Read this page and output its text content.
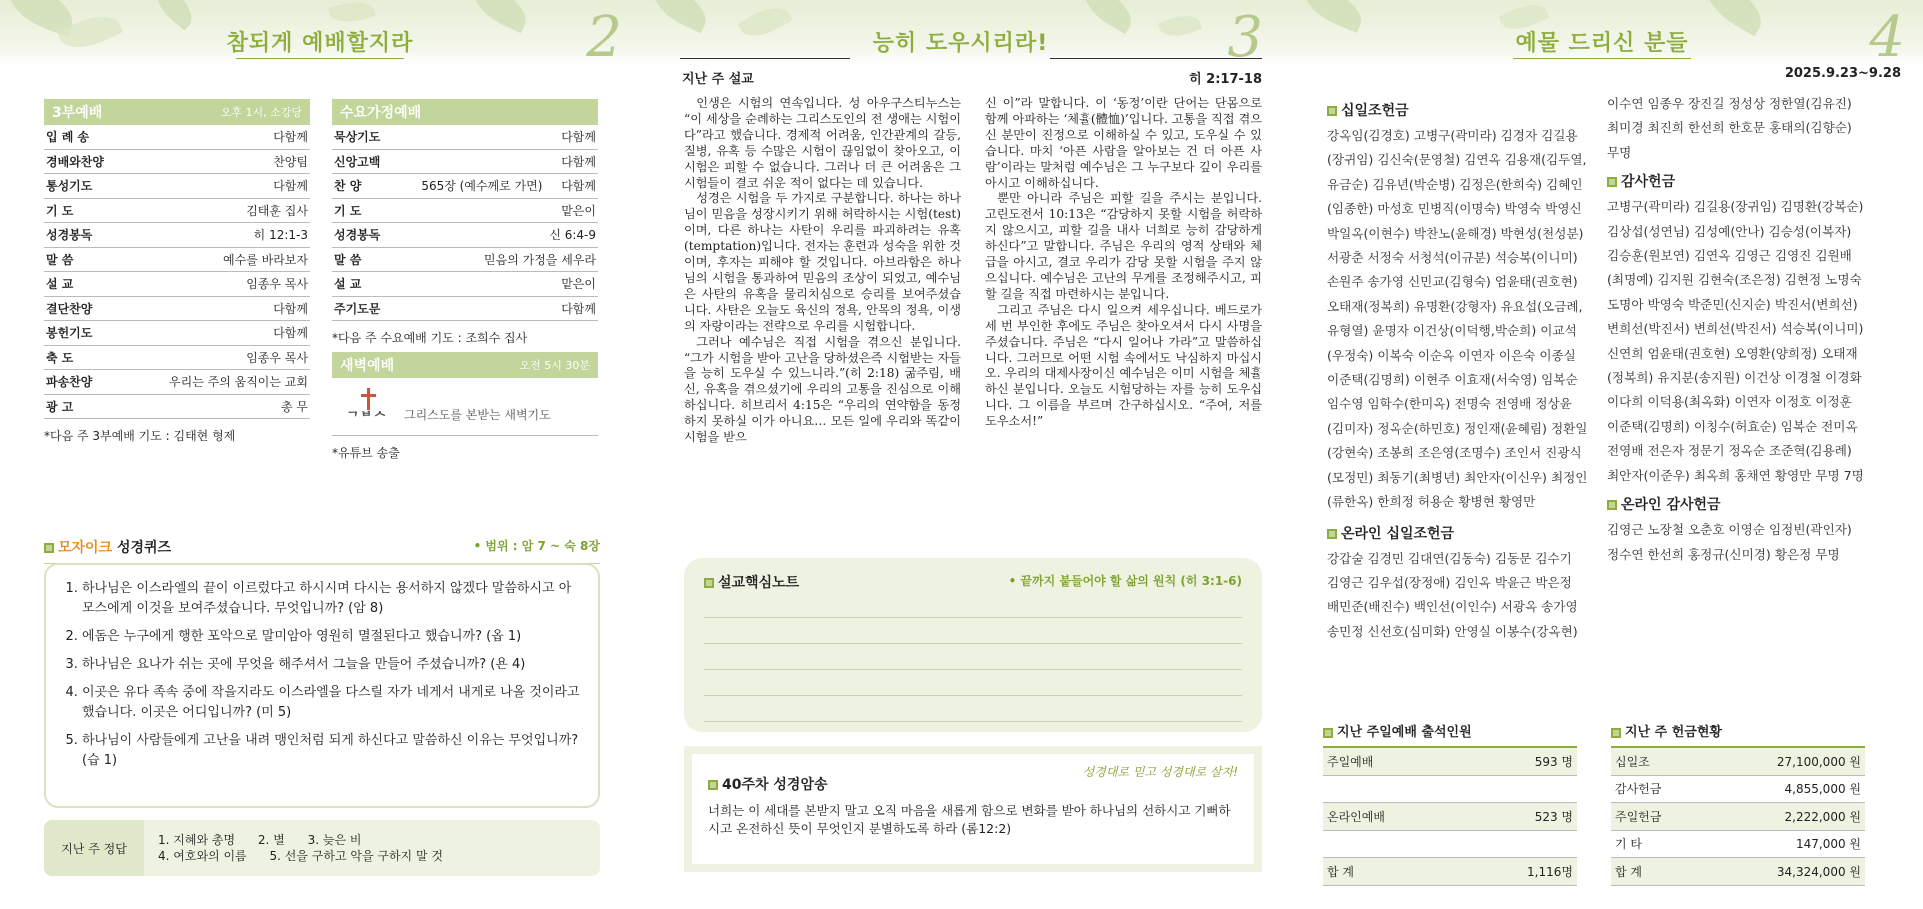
참되게 예배할지라	2
3부예배	오후 1시, 소강당
입 례 송	다함께
경배와찬양	찬양팀
통성기도	다함께
기 도	김태훈 집사
성경봉독	히 12:1-3
말 씀	예수를 바라보자
설 교	임종우 목사
결단찬양	다함께
봉헌기도	다함께
축 도	임종우 목사
파송찬양	우리는 주의 움직이는 교회
광 고	총 무
*다음 주 3부예배 기도 : 김태현 형제
수요가정예배
묵상기도	다함께
신앙고백	다함께
찬 양	565장 (예수께로 가면)	다함께
기 도	맡은이
성경봉독	신 6:4-9
말 씀	믿음의 가정을 세우라
설 교	맡은이
주기도문	다함께
*다음 주 수요예배 기도 : 조희수 집사
새벽예배	오전 5시 30분
ᄀᄇᄉ 그리스도를 본받는 새벽기도
*유튜브 송출
모자이크 성경퀴즈	• 범위 : 암 7 ~ 숙 8장
1. 하나님은 이스라엘의 끝이 이르렀다고 하시시며 다시는 용서하지 않겠다 말씀하시고 아모스에게 이것을 보여주셨습니다. 무엇입니까? (암 8)
2. 에돔은 누구에게 행한 포악으로 말미암아 영원히 멸절된다고 했습니까? (옵 1)
3. 하나님은 요나가 쉬는 곳에 무엇을 해주셔서 그늘을 만들어 주셨습니까? (욘 4)
4. 이곳은 유다 족속 중에 작을지라도 이스라엘을 다스릴 자가 네게서 내게로 나올 것이라고 했습니다. 이곳은 어디입니까? (미 5)
5. 하나님이 사람들에게 고난을 내려 맹인처럼 되게 하신다고 말씀하신 이유는 무엇입니까? (습 1)
지난 주 정답
1. 지혜와 총명      2. 별      3. 늦은 비
4. 여호와의 이름      5. 선을 구하고 악을 구하지 말 것
능히 도우시리라!	3
지난 주 설교	히 2:17-18

인생은 시험의 연속입니다. 성 아우구스티누스는 “이 세상을 순례하는 그리스도인의 전 생애는 시험이다”라고 했습니다. 경제적 어려움, 인간관계의 갈등, 질병, 유혹 등 수많은 시험이 끊임없이 찾아오고, 이 시험은 피할 수 없습니다. 그러나 더 큰 어려움은 그 시험들이 결코 쉬운 적이 없다는 데 있습니다.

성경은 시험을 두 가지로 구분합니다. 하나는 하나님이 믿음을 성장시키기 위해 허락하시는 시험(test)이며, 다른 하나는 사탄이 우리를 파괴하려는 유혹(temptation)입니다. 전자는 훈련과 성숙을 위한 것이며, 후자는 피해야 할 것입니다. 아브라함은 하나님의 시험을 통과하여 믿음의 조상이 되었고, 예수님은 사탄의 유혹을 물리치심으로 승리를 보여주셨습니다. 사탄은 오늘도 육신의 정욕, 안목의 정욕, 이생의 자랑이라는 전략으로 우리를 시험합니다.

그러나 예수님은 직접 시험을 겪으신 분입니다. “그가 시험을 받아 고난을 당하셨은즉 시험받는 자들을 능히 도우실 수 있느니라.”(히 2:18) 굶주림, 배신, 유혹을 겪으셨기에 우리의 고통을 진심으로 이해하십니다. 히브리서 4:15은 “우리의 연약함을 동정하지 못하실 이가 아니요… 모든 일에 우리와 똑같이 시험을 받으

신 이”라 말합니다. 이 ‘동정’이란 단어는 단몸으로 함께 아파하는 ‘체휼(體恤)’입니다. 고통을 직접 겪으신 분만이 진정으로 이해하실 수 있고, 도우실 수 있습니다. 마치 ‘아픈 사람을 알아보는 건 더 아픈 사람’이라는 말처럼 예수님은 그 누구보다 깊이 우리를 아시고 이해하십니다.

뿐만 아니라 주님은 피할 길을 주시는 분입니다. 고린도전서 10:13은 “감당하지 못할 시험을 허락하지 않으시고, 피할 길을 내사 너희로 능히 감당하게 하신다”고 말합니다. 주님은 우리의 영적 상태와 체급을 아시고, 결코 우리가 감당 못할 시험을 주지 않으십니다. 예수님은 고난의 무게를 조정해주시고, 피할 길을 직접 마련하시는 분입니다.

그리고 주님은 다시 일으켜 세우십니다. 베드로가 세 번 부인한 후에도 주님은 찾아오셔서 다시 사명을 주셨습니다. 주님은 “다시 일어나 가라”고 말씀하십니다. 그러므로 어떤 시험 속에서도 낙심하지 마십시오. 우리의 대제사장이신 예수님은 이미 시험을 체휼하신 분입니다. 오늘도 시험당하는 자를 능히 도우십니다. 그 이름을 부르며 간구하십시오. “주여, 저를 도우소서!”

설교핵심노트	• 끝까지 붙들어야 할 삶의 원칙 (히 3:1-6)
40주차 성경암송
성경대로 믿고 성경대로 살자!
너희는 이 세대를 본받지 말고 오직 마음을 새롭게 함으로 변화를 받아 하나님의 선하시고 기뻐하시고 온전하신 뜻이 무엇인지 분별하도록 하라 (롬12:2)
예물 드리신 분들	4
2025.9.23~9.28
십일조헌금
강옥임(김경호) 고병구(곽미라) 김경자 김길용
(장귀임) 김신숙(문영철) 김연옥 김용재(김두열,
유금순) 김유년(박순병) 김정은(한희숙) 김혜인
(임종한) 마성호 민병직(이명숙) 박영숙 박영신
박일옥(이현수) 박찬노(윤해경) 박현성(천성분)
서광춘 서정숙 서청석(이규분) 석승복(이니미)
손원주 송가영 신민교(김형숙) 엄윤태(권호현)
오태재(정복희) 유명환(강형자) 유요섭(오금례,
유형열) 윤명자 이건상(이덕행,박순희) 이교석
(우정숙) 이복숙 이순옥 이연자 이은숙 이종실
이준택(김명희) 이현주 이효재(서숙영) 임복순
임수영 임학수(한미옥) 전명숙 전영배 정상윤
(김미자) 정옥순(하민호) 정인재(윤혜림) 정환일
(강현숙) 조봉희 조은영(조명수) 조인서 진광식
(모정민) 최동기(최병년) 최안자(이신우) 최정인
(류한옥) 한희정 허용순 황병현 황영만
온라인 십일조헌금
강갑술 김경민 김대연(김동숙) 김동문 김수기
김영근 김우섭(장정애) 김인옥 박윤근 박은정
배민준(배진수) 백인선(이인수) 서광옥 송가영
송민정 신선호(심미화) 안영실 이봉수(강옥현)
이수연 임종우 장진길 정성상 정한열(김유진)
최미경 최진희 한선희 한호문 홍태의(김향순)
무명
감사헌금
고병구(곽미라) 김길용(장귀임) 김명환(강복순)
김상섭(성연님) 김성예(안나) 김승성(이복자)
김승훈(원보연) 김연옥 김영근 김영진 김원배
(최명예) 김지원 김현숙(조은정) 김현정 노명숙
도명아 박영숙 박준민(신지순) 박진서(변희선)
변희선(박진서) 변희선(박진서) 석승복(이니미)
신연희 엄윤태(권호현) 오영환(양희정) 오태재
(정복희) 유지분(송지원) 이건상 이경철 이경화
이다희 이덕용(최옥화) 이연자 이정호 이정훈
이준택(김명희) 이칭수(허효순) 임복순 전미옥
전영배 전은자 정문기 정옥순 조준혁(김용례)
최안자(이준우) 최옥희 홍채연 황영만 무명 7명
온라인 감사헌금
김영근 노장철 오춘호 이영순 임정빈(곽인자)
정수연 한선희 홍정규(신미경) 황은정 무명
지난 주일예배 출석인원
주일예배	593 명
온라인예배	523 명
합 계	1,116명
지난 주 헌금현황
십일조	27,100,000 원
감사헌금	4,855,000 원
주일헌금	2,222,000 원
기 타	147,000 원
합 계	34,324,000 원
